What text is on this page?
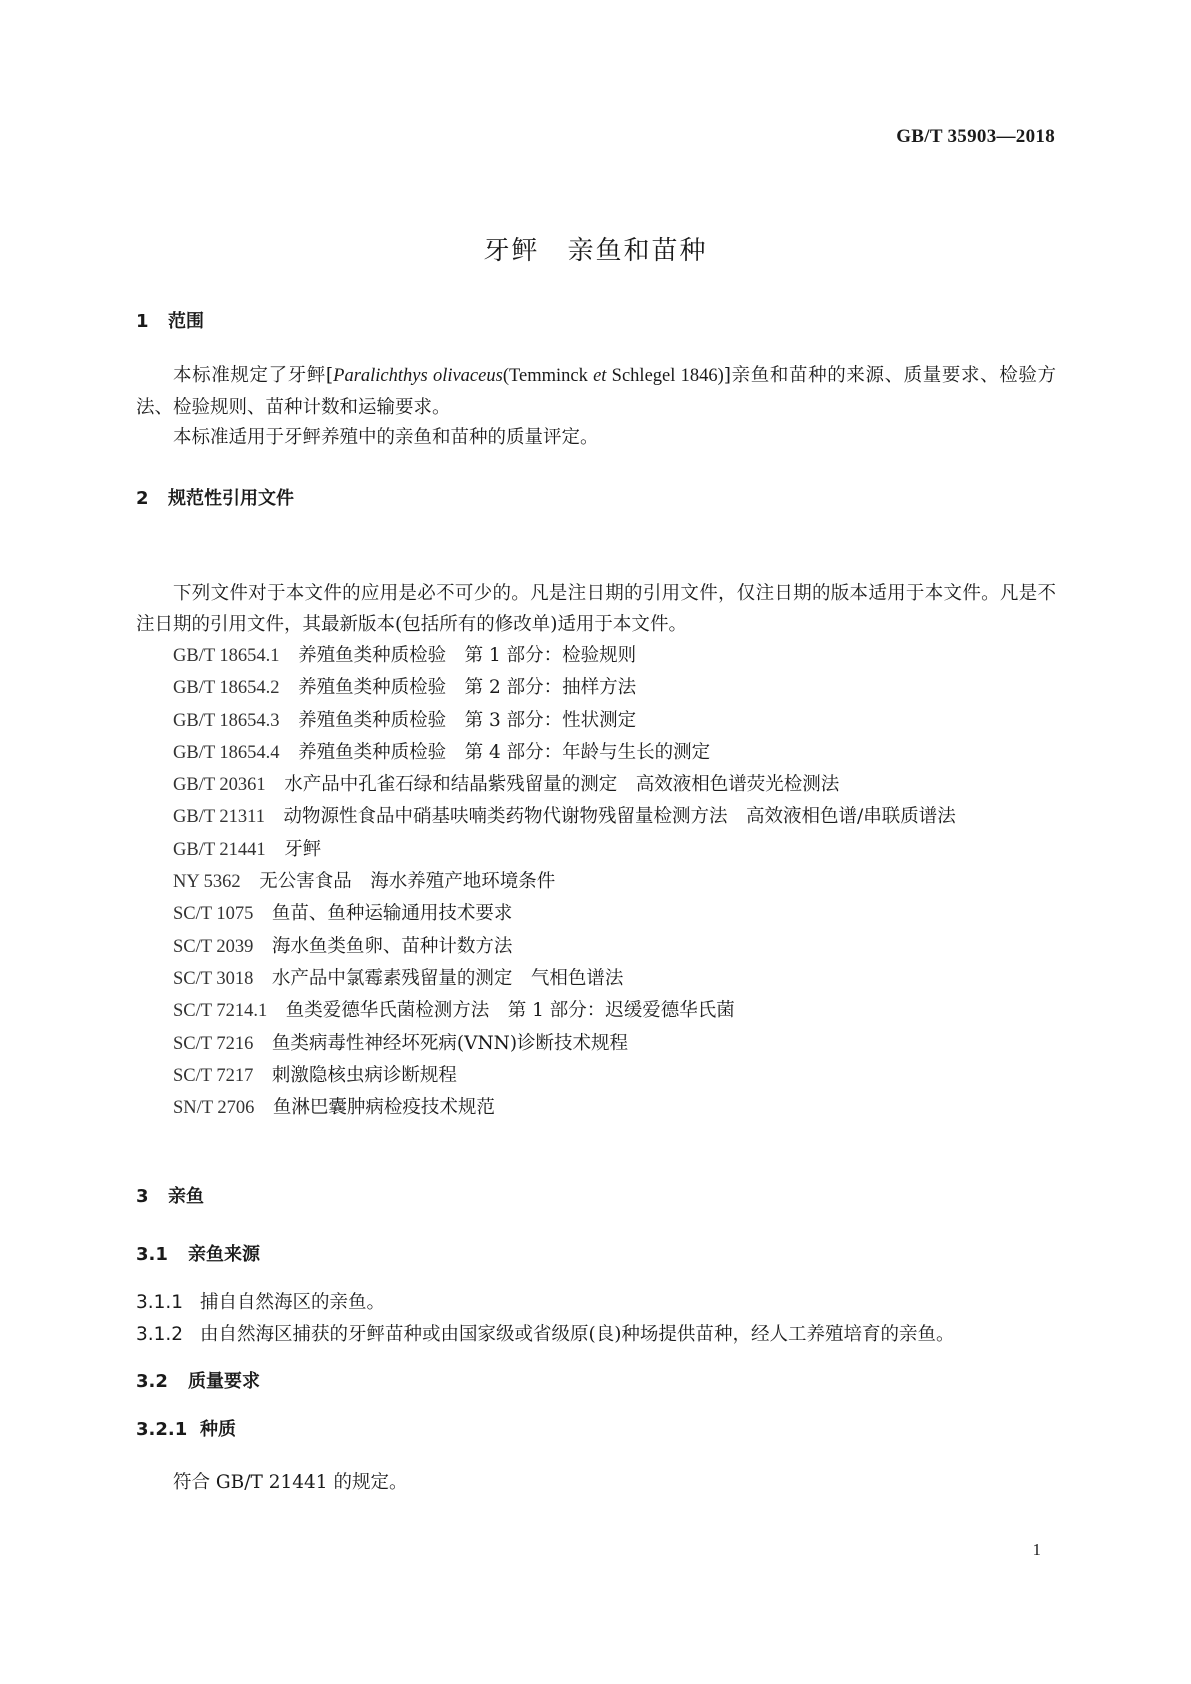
GB/T 35903—2018
牙鲆　亲鱼和苗种
1 范围

本标准规定了牙鲆[Paralichthys olivaceus(Temminck et Schlegel 1846)]亲鱼和苗种的来源、质量要求、检验方法、检验规则、苗种计数和运输要求。

本标准适用于牙鲆养殖中的亲鱼和苗种的质量评定。

2 规范性引用文件

下列文件对于本文件的应用是必不可少的。凡是注日期的引用文件，仅注日期的版本适用于本文件。凡是不注日期的引用文件，其最新版本(包括所有的修改单)适用于本文件。

GB/T 18654.1　 养殖鱼类种质检验　第 1 部分：检验规则
GB/T 18654.2　 养殖鱼类种质检验　第 2 部分：抽样方法
GB/T 18654.3　 养殖鱼类种质检验　第 3 部分：性状测定
GB/T 18654.4　 养殖鱼类种质检验　第 4 部分：年龄与生长的测定
GB/T 20361　 水产品中孔雀石绿和结晶紫残留量的测定　高效液相色谱荧光检测法
GB/T 21311　 动物源性食品中硝基呋喃类药物代谢物残留量检测方法　高效液相色谱/串联质谱法
GB/T 21441　 牙鲆
NY 5362　 无公害食品　海水养殖产地环境条件
SC/T 1075　 鱼苗、鱼种运输通用技术要求
SC/T 2039　 海水鱼类鱼卵、苗种计数方法
SC/T 3018　 水产品中氯霉素残留量的测定　气相色谱法
SC/T 7214.1　 鱼类爱德华氏菌检测方法　第 1 部分：迟缓爱德华氏菌
SC/T 7216　 鱼类病毒性神经坏死病(VNN)诊断技术规程
SC/T 7217　 刺激隐核虫病诊断规程
SN/T 2706　 鱼淋巴囊肿病检疫技术规范
3 亲鱼
3.1 亲鱼来源
3.1.1 捕自自然海区的亲鱼。
3.1.2 由自然海区捕获的牙鲆苗种或由国家级或省级原(良)种场提供苗种，经人工养殖培育的亲鱼。
3.2 质量要求
3.2.1 种质

符合 GB/T 21441 的规定。

1
